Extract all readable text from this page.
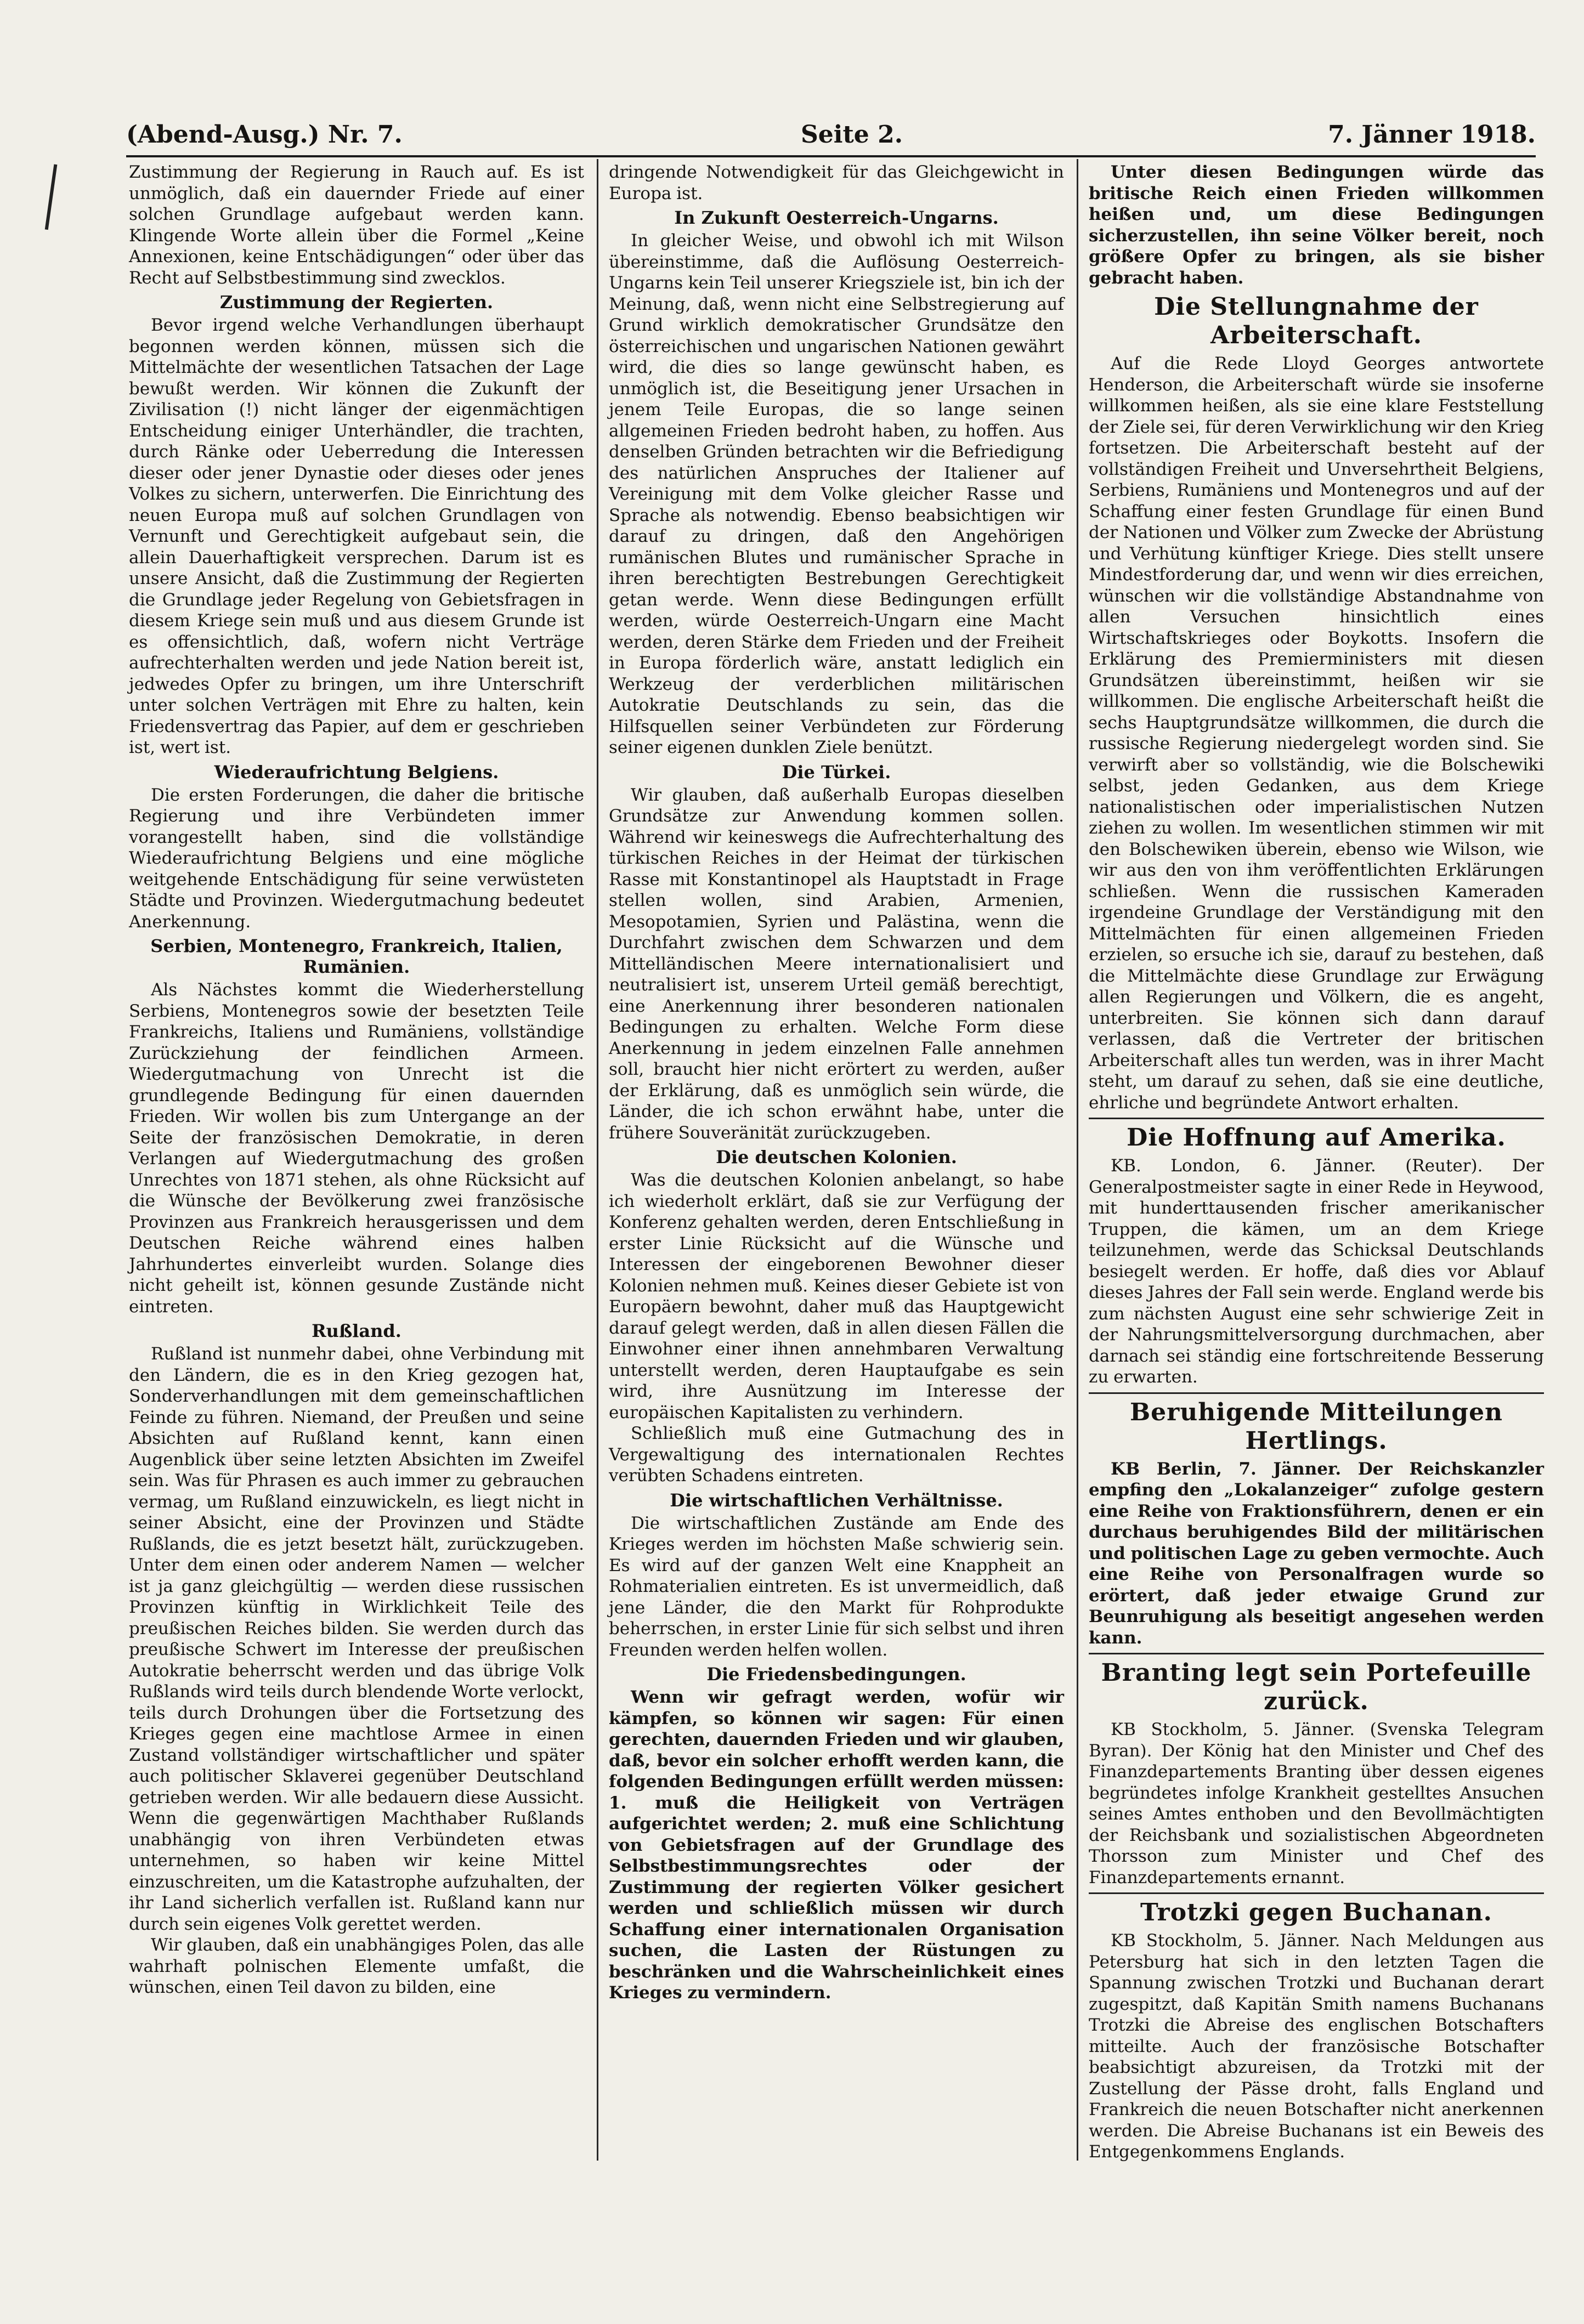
(Abend-Ausg.) Nr. 7.	Seite 2.	7. Jänner 1918.

Zustimmung der Regierung in Rauch auf. Es ist unmöglich, daß ein dauernder Friede auf einer solchen Grundlage aufgebaut werden kann. Klingende Worte allein über die Formel „Keine Annexionen, keine Entschädigungen“ oder über das Recht auf Selbstbestimmung sind zwecklos.

Zustimmung der Regierten.

Bevor irgend welche Verhandlungen überhaupt begonnen werden können, müssen sich die Mittelmächte der wesentlichen Tatsachen der Lage bewußt werden. Wir können die Zukunft der Zivilisation (!) nicht länger der eigenmächtigen Entscheidung einiger Unterhändler, die trachten, durch Ränke oder Ueberredung die Interessen dieser oder jener Dynastie oder dieses oder jenes Volkes zu sichern, unterwerfen. Die Einrichtung des neuen Europa muß auf solchen Grundlagen von Vernunft und Gerechtigkeit aufgebaut sein, die allein Dauerhaftigkeit versprechen. Darum ist es unsere Ansicht, daß die Zustimmung der Regierten die Grundlage jeder Regelung von Gebietsfragen in diesem Kriege sein muß und aus diesem Grunde ist es offensichtlich, daß, wofern nicht Verträge aufrechterhalten werden und jede Nation bereit ist, jedwedes Opfer zu bringen, um ihre Unterschrift unter solchen Verträgen mit Ehre zu halten, kein Friedensvertrag das Papier, auf dem er geschrieben ist, wert ist.

Wiederaufrichtung Belgiens.

Die ersten Forderungen, die daher die britische Regierung und ihre Verbündeten immer vorangestellt haben, sind die vollständige Wiederaufrichtung Belgiens und eine mögliche weitgehende Entschädigung für seine verwüsteten Städte und Provinzen. Wiedergutmachung bedeutet Anerkennung.

Serbien, Montenegro, Frankreich, Italien, Rumänien.

Als Nächstes kommt die Wiederherstellung Serbiens, Montenegros sowie der besetzten Teile Frankreichs, Italiens und Rumäniens, vollständige Zurückziehung der feindlichen Armeen. Wiedergutmachung von Unrecht ist die grundlegende Bedingung für einen dauernden Frieden. Wir wollen bis zum Untergange an der Seite der französischen Demokratie, in deren Verlangen auf Wiedergutmachung des großen Unrechtes von 1871 stehen, als ohne Rücksicht auf die Wünsche der Bevölkerung zwei französische Provinzen aus Frankreich herausgerissen und dem Deutschen Reiche während eines halben Jahrhundertes einverleibt wurden. Solange dies nicht geheilt ist, können gesunde Zustände nicht eintreten.

Rußland.

Rußland ist nunmehr dabei, ohne Verbindung mit den Ländern, die es in den Krieg gezogen hat, Sonderverhandlungen mit dem gemeinschaftlichen Feinde zu führen. Niemand, der Preußen und seine Absichten auf Rußland kennt, kann einen Augenblick über seine letzten Absichten im Zweifel sein. Was für Phrasen es auch immer zu gebrauchen vermag, um Rußland einzuwickeln, es liegt nicht in seiner Absicht, eine der Provinzen und Städte Rußlands, die es jetzt besetzt hält, zurückzugeben. Unter dem einen oder anderem Namen — welcher ist ja ganz gleichgültig — werden diese russischen Provinzen künftig in Wirklichkeit Teile des preußischen Reiches bilden. Sie werden durch das preußische Schwert im Interesse der preußischen Autokratie beherrscht werden und das übrige Volk Rußlands wird teils durch blendende Worte verlockt, teils durch Drohungen über die Fortsetzung des Krieges gegen eine machtlose Armee in einen Zustand vollständiger wirtschaftlicher und später auch politischer Sklaverei gegenüber Deutschland getrieben werden. Wir alle bedauern diese Aussicht. Wenn die gegenwärtigen Machthaber Rußlands unabhängig von ihren Verbündeten etwas unternehmen, so haben wir keine Mittel einzuschreiten, um die Katastrophe aufzuhalten, der ihr Land sicherlich verfallen ist. Rußland kann nur durch sein eigenes Volk gerettet werden.

Wir glauben, daß ein unabhängiges Polen, das alle wahrhaft polnischen Elemente umfaßt, die wünschen, einen Teil davon zu bilden, eine

dringende Notwendigkeit für das Gleichgewicht in Europa ist.

In Zukunft Oesterreich-Ungarns.

In gleicher Weise, und obwohl ich mit Wilson übereinstimme, daß die Auflösung Oesterreich-Ungarns kein Teil unserer Kriegsziele ist, bin ich der Meinung, daß, wenn nicht eine Selbstregierung auf Grund wirklich demokratischer Grundsätze den österreichischen und ungarischen Nationen gewährt wird, die dies so lange gewünscht haben, es unmöglich ist, die Beseitigung jener Ursachen in jenem Teile Europas, die so lange seinen allgemeinen Frieden bedroht haben, zu hoffen. Aus denselben Gründen betrachten wir die Befriedigung des natürlichen Anspruches der Italiener auf Vereinigung mit dem Volke gleicher Rasse und Sprache als notwendig. Ebenso beabsichtigen wir darauf zu dringen, daß den Angehörigen rumänischen Blutes und rumänischer Sprache in ihren berechtigten Bestrebungen Gerechtigkeit getan werde. Wenn diese Bedingungen erfüllt werden, würde Oesterreich-Ungarn eine Macht werden, deren Stärke dem Frieden und der Freiheit in Europa förderlich wäre, anstatt lediglich ein Werkzeug der verderblichen militärischen Autokratie Deutschlands zu sein, das die Hilfsquellen seiner Verbündeten zur Förderung seiner eigenen dunklen Ziele benützt.

Die Türkei.

Wir glauben, daß außerhalb Europas dieselben Grundsätze zur Anwendung kommen sollen. Während wir keineswegs die Aufrechterhaltung des türkischen Reiches in der Heimat der türkischen Rasse mit Konstantinopel als Hauptstadt in Frage stellen wollen, sind Arabien, Armenien, Mesopotamien, Syrien und Palästina, wenn die Durchfahrt zwischen dem Schwarzen und dem Mittelländischen Meere internationalisiert und neutralisiert ist, unserem Urteil gemäß berechtigt, eine Anerkennung ihrer besonderen nationalen Bedingungen zu erhalten. Welche Form diese Anerkennung in jedem einzelnen Falle annehmen soll, braucht hier nicht erörtert zu werden, außer der Erklärung, daß es unmöglich sein würde, die Länder, die ich schon erwähnt habe, unter die frühere Souveränität zurückzugeben.

Die deutschen Kolonien.

Was die deutschen Kolonien anbelangt, so habe ich wiederholt erklärt, daß sie zur Verfügung der Konferenz gehalten werden, deren Entschließung in erster Linie Rücksicht auf die Wünsche und Interessen der eingeborenen Bewohner dieser Kolonien nehmen muß. Keines dieser Gebiete ist von Europäern bewohnt, daher muß das Hauptgewicht darauf gelegt werden, daß in allen diesen Fällen die Einwohner einer ihnen annehmbaren Verwaltung unterstellt werden, deren Hauptaufgabe es sein wird, ihre Ausnützung im Interesse der europäischen Kapitalisten zu verhindern.

Schließlich muß eine Gutmachung des in Vergewaltigung des internationalen Rechtes verübten Schadens eintreten.

Die wirtschaftlichen Verhältnisse.

Die wirtschaftlichen Zustände am Ende des Krieges werden im höchsten Maße schwierig sein. Es wird auf der ganzen Welt eine Knappheit an Rohmaterialien eintreten. Es ist unvermeidlich, daß jene Länder, die den Markt für Rohprodukte beherrschen, in erster Linie für sich selbst und ihren Freunden werden helfen wollen.

Die Friedensbedingungen.

Wenn wir gefragt werden, wofür wir kämpfen, so können wir sagen: Für einen gerechten, dauernden Frieden und wir glauben, daß, bevor ein solcher erhofft werden kann, die folgenden Bedingungen erfüllt werden müssen: 1. muß die Heiligkeit von Verträgen aufgerichtet werden; 2. muß eine Schlichtung von Gebietsfragen auf der Grundlage des Selbstbestimmungsrechtes oder der Zustimmung der regierten Völker gesichert werden und schließlich müssen wir durch Schaffung einer internationalen Organisation suchen, die Lasten der Rüstungen zu beschränken und die Wahrscheinlichkeit eines Krieges zu vermindern.

Unter diesen Bedingungen würde das britische Reich einen Frieden willkommen heißen und, um diese Bedingungen sicherzustellen, ihn seine Völker bereit, noch größere Opfer zu bringen, als sie bisher gebracht haben.

Die Stellungnahme der Arbeiterschaft.

Auf die Rede Lloyd Georges antwortete Henderson, die Arbeiterschaft würde sie insoferne willkommen heißen, als sie eine klare Feststellung der Ziele sei, für deren Verwirklichung wir den Krieg fortsetzen. Die Arbeiterschaft besteht auf der vollständigen Freiheit und Unversehrtheit Belgiens, Serbiens, Rumäniens und Montenegros und auf der Schaffung einer festen Grundlage für einen Bund der Nationen und Völker zum Zwecke der Abrüstung und Verhütung künftiger Kriege. Dies stellt unsere Mindestforderung dar, und wenn wir dies erreichen, wünschen wir die vollständige Abstandnahme von allen Versuchen hinsichtlich eines Wirtschaftskrieges oder Boykotts. Insofern die Erklärung des Premierministers mit diesen Grundsätzen übereinstimmt, heißen wir sie willkommen. Die englische Arbeiterschaft heißt die sechs Hauptgrundsätze willkommen, die durch die russische Regierung niedergelegt worden sind. Sie verwirft aber so vollständig, wie die Bolschewiki selbst, jeden Gedanken, aus dem Kriege nationalistischen oder imperialistischen Nutzen ziehen zu wollen. Im wesentlichen stimmen wir mit den Bolschewiken überein, ebenso wie Wilson, wie wir aus den von ihm veröffentlichten Erklärungen schließen. Wenn die russischen Kameraden irgendeine Grundlage der Verständigung mit den Mittelmächten für einen allgemeinen Frieden erzielen, so ersuche ich sie, darauf zu bestehen, daß die Mittelmächte diese Grundlage zur Erwägung allen Regierungen und Völkern, die es angeht, unterbreiten. Sie können sich dann darauf verlassen, daß die Vertreter der britischen Arbeiterschaft alles tun werden, was in ihrer Macht steht, um darauf zu sehen, daß sie eine deutliche, ehrliche und begründete Antwort erhalten.

Die Hoffnung auf Amerika.

KB. London, 6. Jänner. (Reuter). Der Generalpostmeister sagte in einer Rede in Heywood, mit hunderttausenden frischer amerikanischer Truppen, die kämen, um an dem Kriege teilzunehmen, werde das Schicksal Deutschlands besiegelt werden. Er hoffe, daß dies vor Ablauf dieses Jahres der Fall sein werde. England werde bis zum nächsten August eine sehr schwierige Zeit in der Nahrungsmittelversorgung durchmachen, aber darnach sei ständig eine fortschreitende Besserung zu erwarten.

Beruhigende Mitteilungen Hertlings.

KB Berlin, 7. Jänner. Der Reichskanzler empfing den „Lokalanzeiger“ zufolge gestern eine Reihe von Fraktionsführern, denen er ein durchaus beruhigendes Bild der militärischen und politischen Lage zu geben vermochte. Auch eine Reihe von Personalfragen wurde so erörtert, daß jeder etwaige Grund zur Beunruhigung als beseitigt angesehen werden kann.

Branting legt sein Portefeuille zurück.

KB Stockholm, 5. Jänner. (Svenska Telegram Byran). Der König hat den Minister und Chef des Finanzdepartements Branting über dessen eigenes begründetes infolge Krankheit gestelltes Ansuchen seines Amtes enthoben und den Bevollmächtigten der Reichsbank und sozialistischen Abgeordneten Thorsson zum Minister und Chef des Finanzdepartements ernannt.

Trotzki gegen Buchanan.

KB Stockholm, 5. Jänner. Nach Meldungen aus Petersburg hat sich in den letzten Tagen die Spannung zwischen Trotzki und Buchanan derart zugespitzt, daß Kapitän Smith namens Buchanans Trotzki die Abreise des englischen Botschafters mitteilte. Auch der französische Botschafter beabsichtigt abzureisen, da Trotzki mit der Zustellung der Pässe droht, falls England und Frankreich die neuen Botschafter nicht anerkennen werden. Die Abreise Buchanans ist ein Beweis des Entgegenkommens Englands.
